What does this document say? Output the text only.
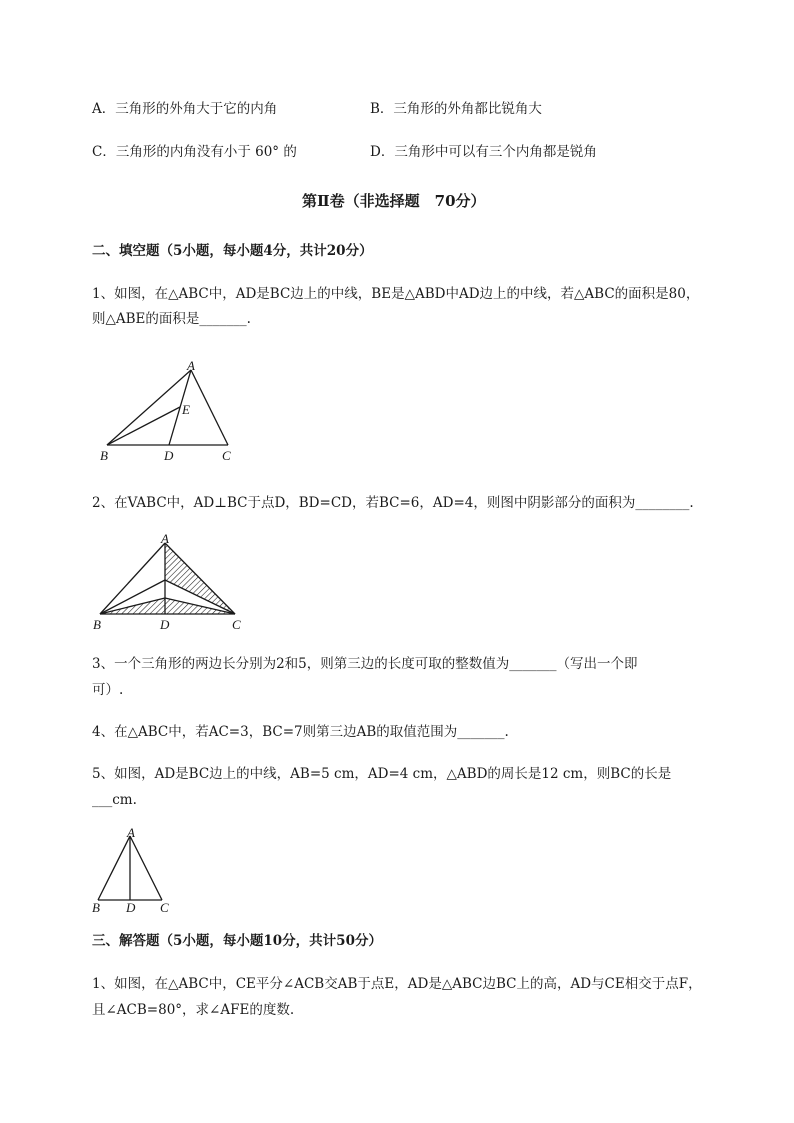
A．三角形的外角大于它的内角	B．三角形的外角都比锐角大
C．三角形的内角没有小于 60° 的	D．三角形中可以有三个内角都是锐角
第Ⅱ卷（非选择题　70分）
二、填空题（5小题，每小题4分，共计20分）
1、如图，在△ABC中，AD是BC边上的中线，BE是△ABD中AD边上的中线，若△ABC的面积是80，
则△ABE的面积是_______.
A
E
B	D	C
2、在VABC中，AD⊥BC于点D，BD=CD，若BC=6，AD=4，则图中阴影部分的面积为________.
A
B	D	C
3、一个三角形的两边长分别为2和5，则第三边的长度可取的整数值为_______（写出一个即
可）.
4、在△ABC中，若AC=3，BC=7则第三边AB的取值范围为_______.
5、如图，AD是BC边上的中线，AB=5 cm，AD=4 cm，△ABD的周长是12 cm，则BC的长是
___cm.
A
B D C
三、解答题（5小题，每小题10分，共计50分）
1、如图，在△ABC中，CE平分∠ACB交AB于点E，AD是△ABC边BC上的高，AD与CE相交于点F，
且∠ACB=80°，求∠AFE的度数.
